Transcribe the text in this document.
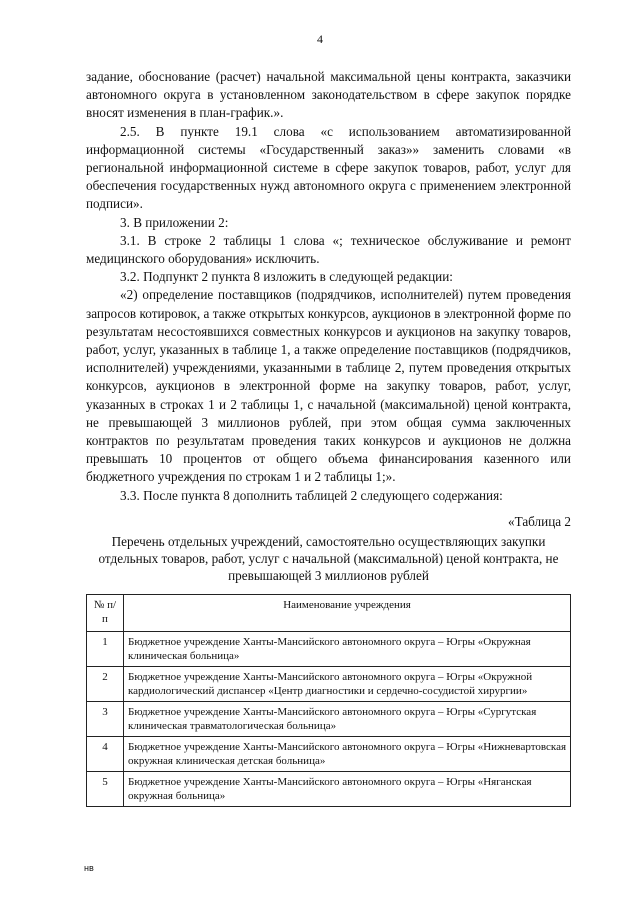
4

задание, обоснование (расчет) начальной максимальной цены контракта, заказчики автономного округа в установленном законодательством в сфере закупок порядке вносят изменения в план-график.».

2.5. В пункте 19.1 слова «с использованием автоматизированной информационной системы «Государственный заказ»» заменить словами «в региональной информационной системе в сфере закупок товаров, работ, услуг для обеспечения государственных нужд автономного округа с применением электронной подписи».

3. В приложении 2:

3.1. В строке 2 таблицы 1 слова «; техническое обслуживание и ремонт медицинского оборудования» исключить.

3.2. Подпункт 2 пункта 8 изложить в следующей редакции:

«2) определение поставщиков (подрядчиков, исполнителей) путем проведения запросов котировок, а также открытых конкурсов, аукционов в электронной форме по результатам несостоявшихся совместных конкурсов и аукционов на закупку товаров, работ, услуг, указанных в таблице 1, а также определение поставщиков (подрядчиков, исполнителей) учреждениями, указанными в таблице 2, путем проведения открытых конкурсов, аукционов в электронной форме на закупку товаров, работ, услуг, указанных в строках 1 и 2 таблицы 1, с начальной (максимальной) ценой контракта, не превышающей 3 миллионов рублей, при этом общая сумма заключенных контрактов по результатам проведения таких конкурсов и аукционов не должна превышать 10 процентов от общего объема финансирования казенного или бюджетного учреждения по строкам 1 и 2 таблицы 1;».

3.3. После пункта 8 дополнить таблицей 2 следующего содержания:

«Таблица 2

Перечень отдельных учреждений, самостоятельно осуществляющих закупки отдельных товаров, работ, услуг с начальной (максимальной) ценой контракта, не превышающей 3 миллионов рублей

№ п/п	Наименование учреждения
1	Бюджетное учреждение Ханты-Мансийского автономного округа – Югры «Окружная клиническая больница»
2	Бюджетное учреждение Ханты-Мансийского автономного округа – Югры «Окружной кардиологический диспансер «Центр диагностики и сердечно-сосудистой хирургии»
3	Бюджетное учреждение Ханты-Мансийского автономного округа – Югры «Сургутская клиническая травматологическая больница»
4	Бюджетное учреждение Ханты-Мансийского автономного округа – Югры «Нижневартовская окружная клиническая детская больница»
5	Бюджетное учреждение Ханты-Мансийского автономного округа – Югры «Няганская окружная больница»
нв
